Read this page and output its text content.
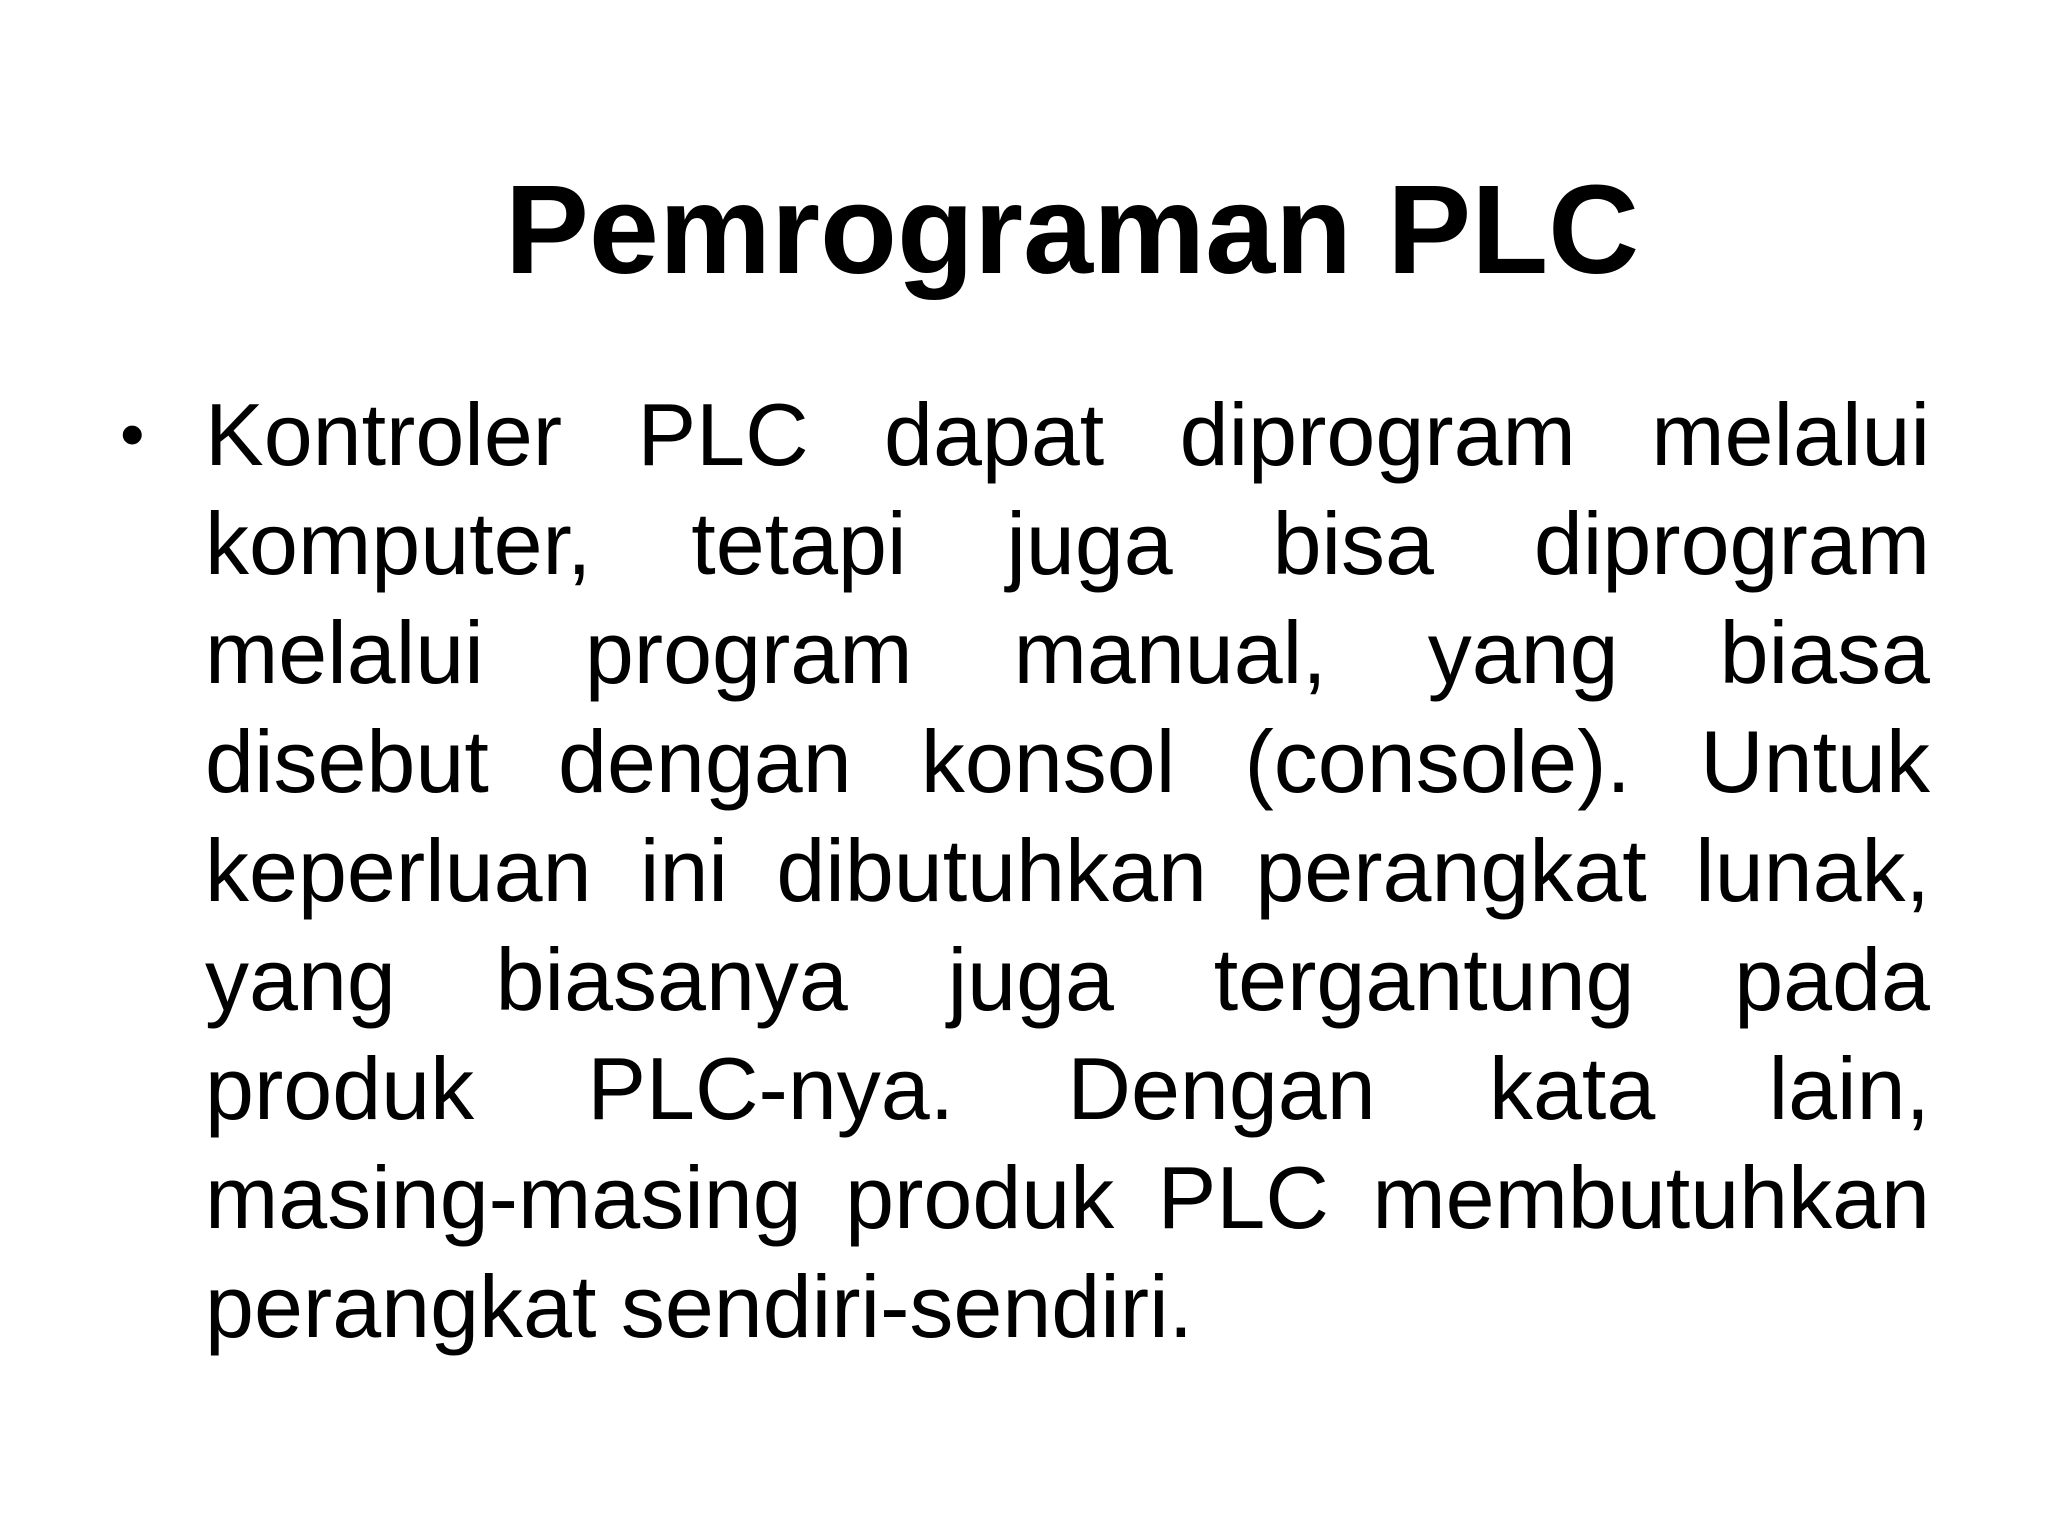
Pemrograman PLC
• Kontroler PLC dapat diprogram melalui
komputer, tetapi juga bisa diprogram
melalui program manual, yang biasa
disebut dengan konsol (console). Untuk
keperluan ini dibutuhkan perangkat lunak,
yang biasanya juga tergantung pada
produk PLC-nya. Dengan kata lain,
masing-masing produk PLC membutuhkan
perangkat sendiri-sendiri.
